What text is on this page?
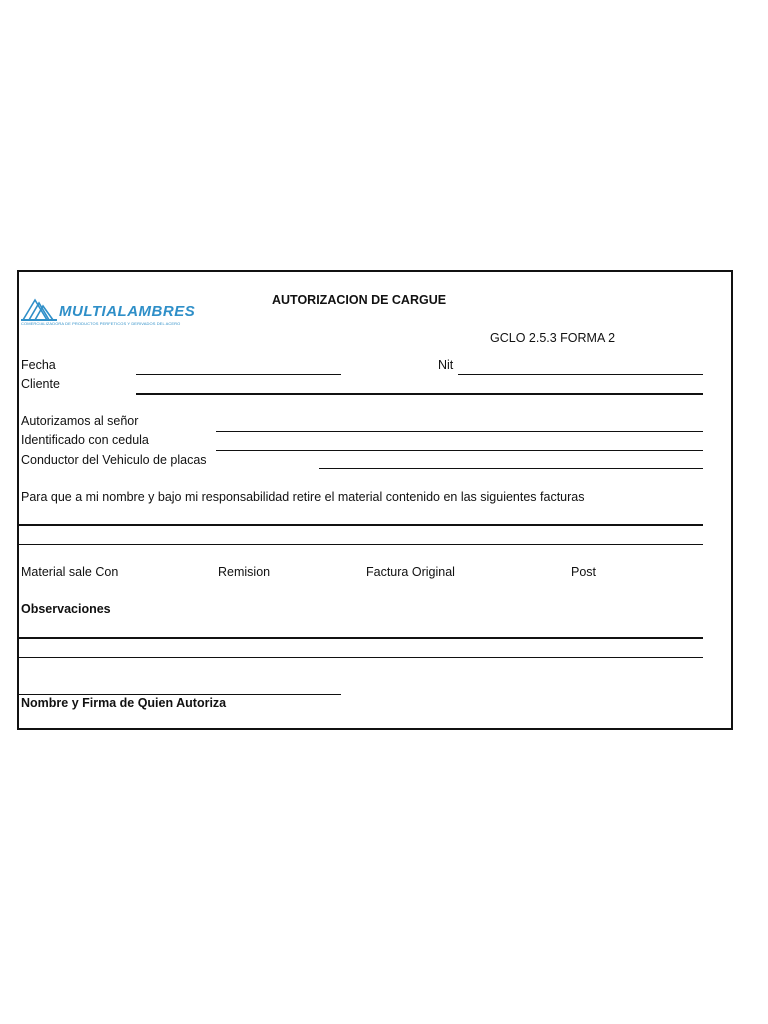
MULTIALAMBRES
COMERCIALIZADORA DE PRODUCTOS PERFETICOS Y DERIVADOS DEL ACERO
AUTORIZACION DE CARGUE
GCLO 2.5.3 FORMA 2
Fecha	Nit
Cliente
Autorizamos al señor
Identificado con cedula
Conductor del Vehiculo de placas
Para que a mi nombre y bajo mi responsabilidad retire el material contenido en las siguientes facturas
Material sale Con	Remision	Factura Original	Post
Observaciones
Nombre y Firma de Quien Autoriza
